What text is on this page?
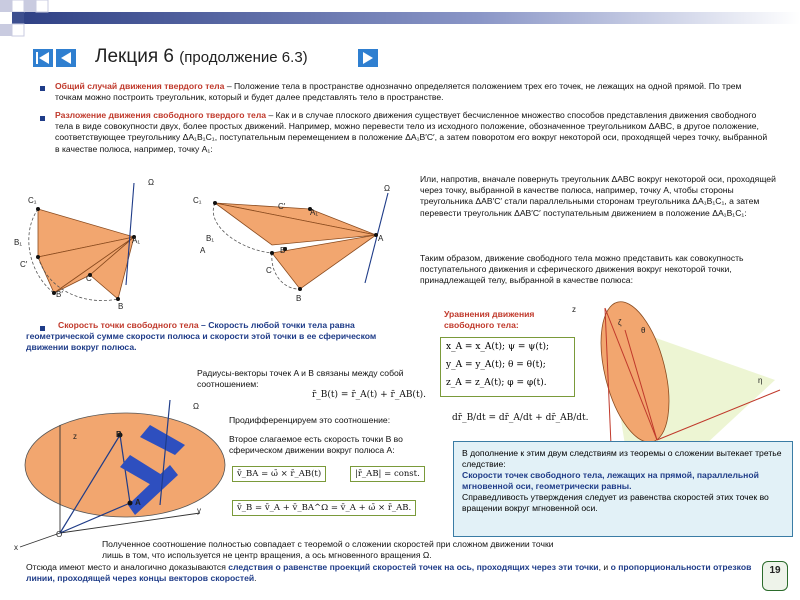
Лекция 6 (продолжение 6.3)
Общий случай движения твердого тела – Положение тела в пространстве однозначно определяется положением трех его точек, не лежащих на одной прямой. По трем точкам можно построить треугольник, который и будет далее представлять тело в пространстве.
Разложение движения свободного твердого тела – Как и в случае плоского движения существует бесчисленное множество способов представления движения свободного тела в виде совокупности двух, более простых движений. Например, можно перевести тело из исходного положение, обозначенное треугольником ΔABC, в другое положение, соответствующее треугольнику ΔA₁B₁C₁, поступательным перемещением в положение ΔA₁B′C′, а затем поворотом его вокруг некоторой оси, проходящей через точку, выбранной в качестве полюса, например, точку A₁:
Ω
C₁
A₁
B₁
C′
C
B′
B
A
Ω
C₁
C′
A₁
B₁	A
B′
C
B
Или, напротив, вначале повернуть треугольник ΔABC вокруг некоторой оси, проходящей через точку, выбранной в качестве полюса, например, точку A, чтобы стороны треугольника ΔAB′C′ стали параллельными сторонам треугольника ΔA₁B₁C₁, а затем перевести треугольник ΔAB′C′ поступательным движением в положение ΔA₁B₁C₁:
Таким образом, движение свободного тела можно представить как совокупность поступательного движения и сферического движения вокруг некоторой точки, принадлежащей телу, выбранной в качестве полюса:
Уравнения движения свободного тела:
x_A = x_A(t); ψ = ψ(t);
y_A = y_A(t); θ = θ(t);
z_A = z_A(t); φ = φ(t).
z
ζ
θ
η
Скорость точки свободного тела – Скорость любой точки тела равна геометрической сумме скорости полюса и скорости этой точки в ее сферическом движении вокруг полюса.
z	B
A
Ω
y
O
x
Радиусы-векторы точек A и B связаны между собой соотношением:
r̄_B(t) = r̄_A(t) + r̄_AB(t).
Продифференцируем это соотношение:	dr̄_B/dt = dr̄_A/dt + dr̄_AB/dt.
Второе слагаемое есть скорость точки B во сферическом движении вокруг полюса A:
v̄_BA = ω̄ × r̄_AB(t)	|r̄_AB| = const.
v̄_B = v̄_A + v̄_BA^Ω = v̄_A + ω̄ × r̄_AB.
В дополнение к этим двум следствиям из теоремы о сложении вытекает третье следствие:
Скорости точек свободного тела, лежащих на прямой, параллельной мгновенной оси, геометрически равны.
Справедливость утверждения следует из равенства скоростей этих точек во вращении вокруг мгновенной оси.
Полученное соотношение полностью совпадает с теоремой о сложении скоростей при сложном движении точки
лишь в том, что используется не центр вращения, а ось мгновенного вращения Ω.
Отсюда имеют место и аналогично доказываются следствия о равенстве проекций скоростей точек на ось, проходящих через эти точки, и о пропорциональности отрезков линии, проходящей через концы векторов скоростей.
19
